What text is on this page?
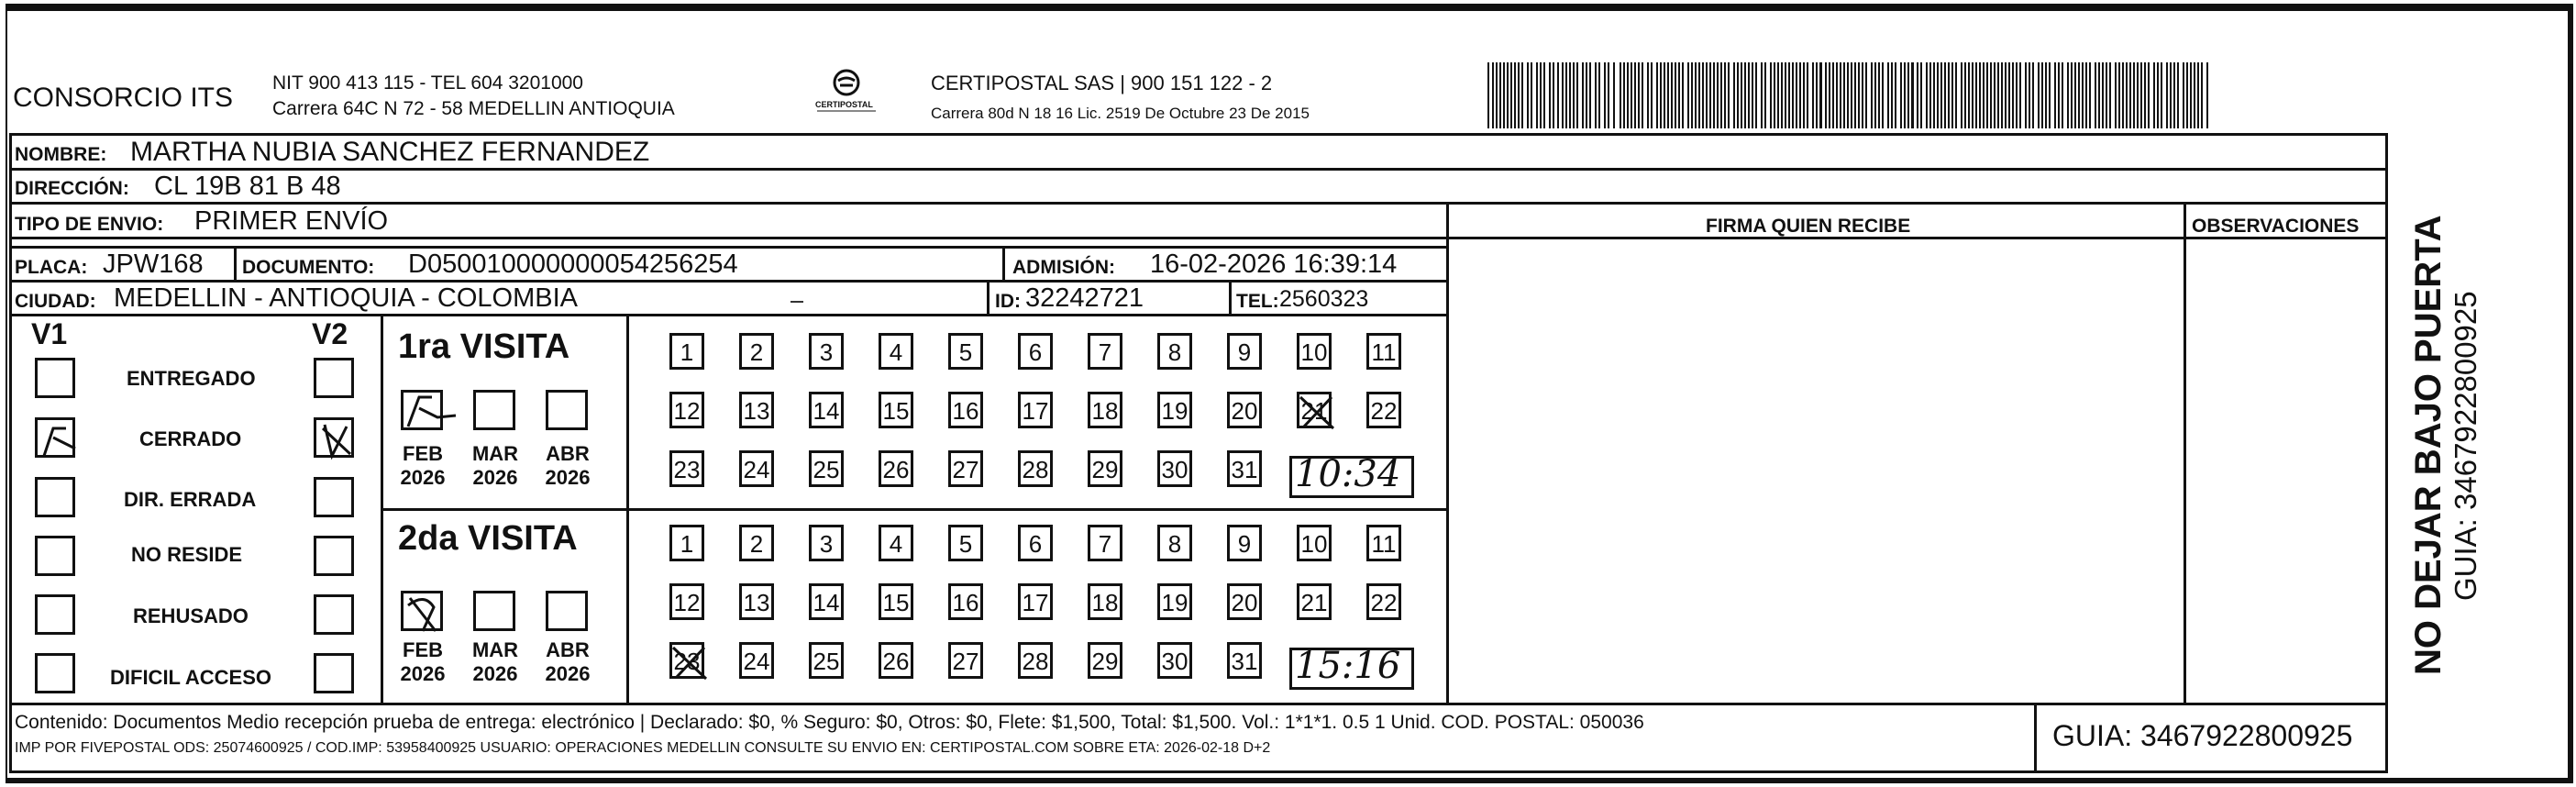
CONSORCIO ITS NIT 900 413 115 - TEL 604 3201000
Carrera 64C N 72 - 58 MEDELLIN ANTIOQUIA	CERTIPOSTAL
CERTIPOSTAL SAS | 900 151 122 - 2
Carrera 80d N 18 16 Lic. 2519 De Octubre 23 De 2015
NOMBRE: MARTHA NUBIA SANCHEZ FERNANDEZ
DIRECCIÓN: CL 19B 81 B 48
TIPO DE ENVIO: PRIMER ENVÍO	FIRMA QUIEN RECIBE	OBSERVACIONES
PLACA: JPW168 DOCUMENTO: D050010000000054256254	ADMISIÓN: 16-02-2026 16:39:14
CIUDAD: MEDELLIN - ANTIOQUIA - COLOMBIA	ID: 32242721	TEL: 2560323
V1	V2
ENTREGADO
CERRADO
DIR. ERRADA
NO RESIDE
REHUSADO
DIFICIL ACCESO
1ra VISITA
FEB
2026
MAR
2026
ABR
2026
1	2	3	4	5	6	7	8	9	10 11
12 13 14 15 16 17 18 19 20 21 22
23 24 25 26 27 28 29 30 31 10:34
2da VISITA
FEB
2026
MAR
2026
ABR
2026
1	2	3	4	5	6	7	8	9	10 11
12 13 14 15 16 17 18 19 20 21 22
23 24 25 26 27 28 29 30 31 15:16
Contenido: Documentos Medio recepción prueba de entrega: electrónico | Declarado: $0, % Seguro: $0, Otros: $0, Flete: $1,500, Total: $1,500. Vol.: 1*1*1. 0.5 1 Unid. COD. POSTAL: 050036
IMP POR FIVEPOSTAL ODS: 25074600925 / COD.IMP: 53958400925 USUARIO: OPERACIONES MEDELLIN CONSULTE SU ENVIO EN: CERTIPOSTAL.COM SOBRE ETA: 2026-02-18 D+2	GUIA: 3467922800925
NO DEJAR BAJO PUERTA GUIA: 3467922800925
